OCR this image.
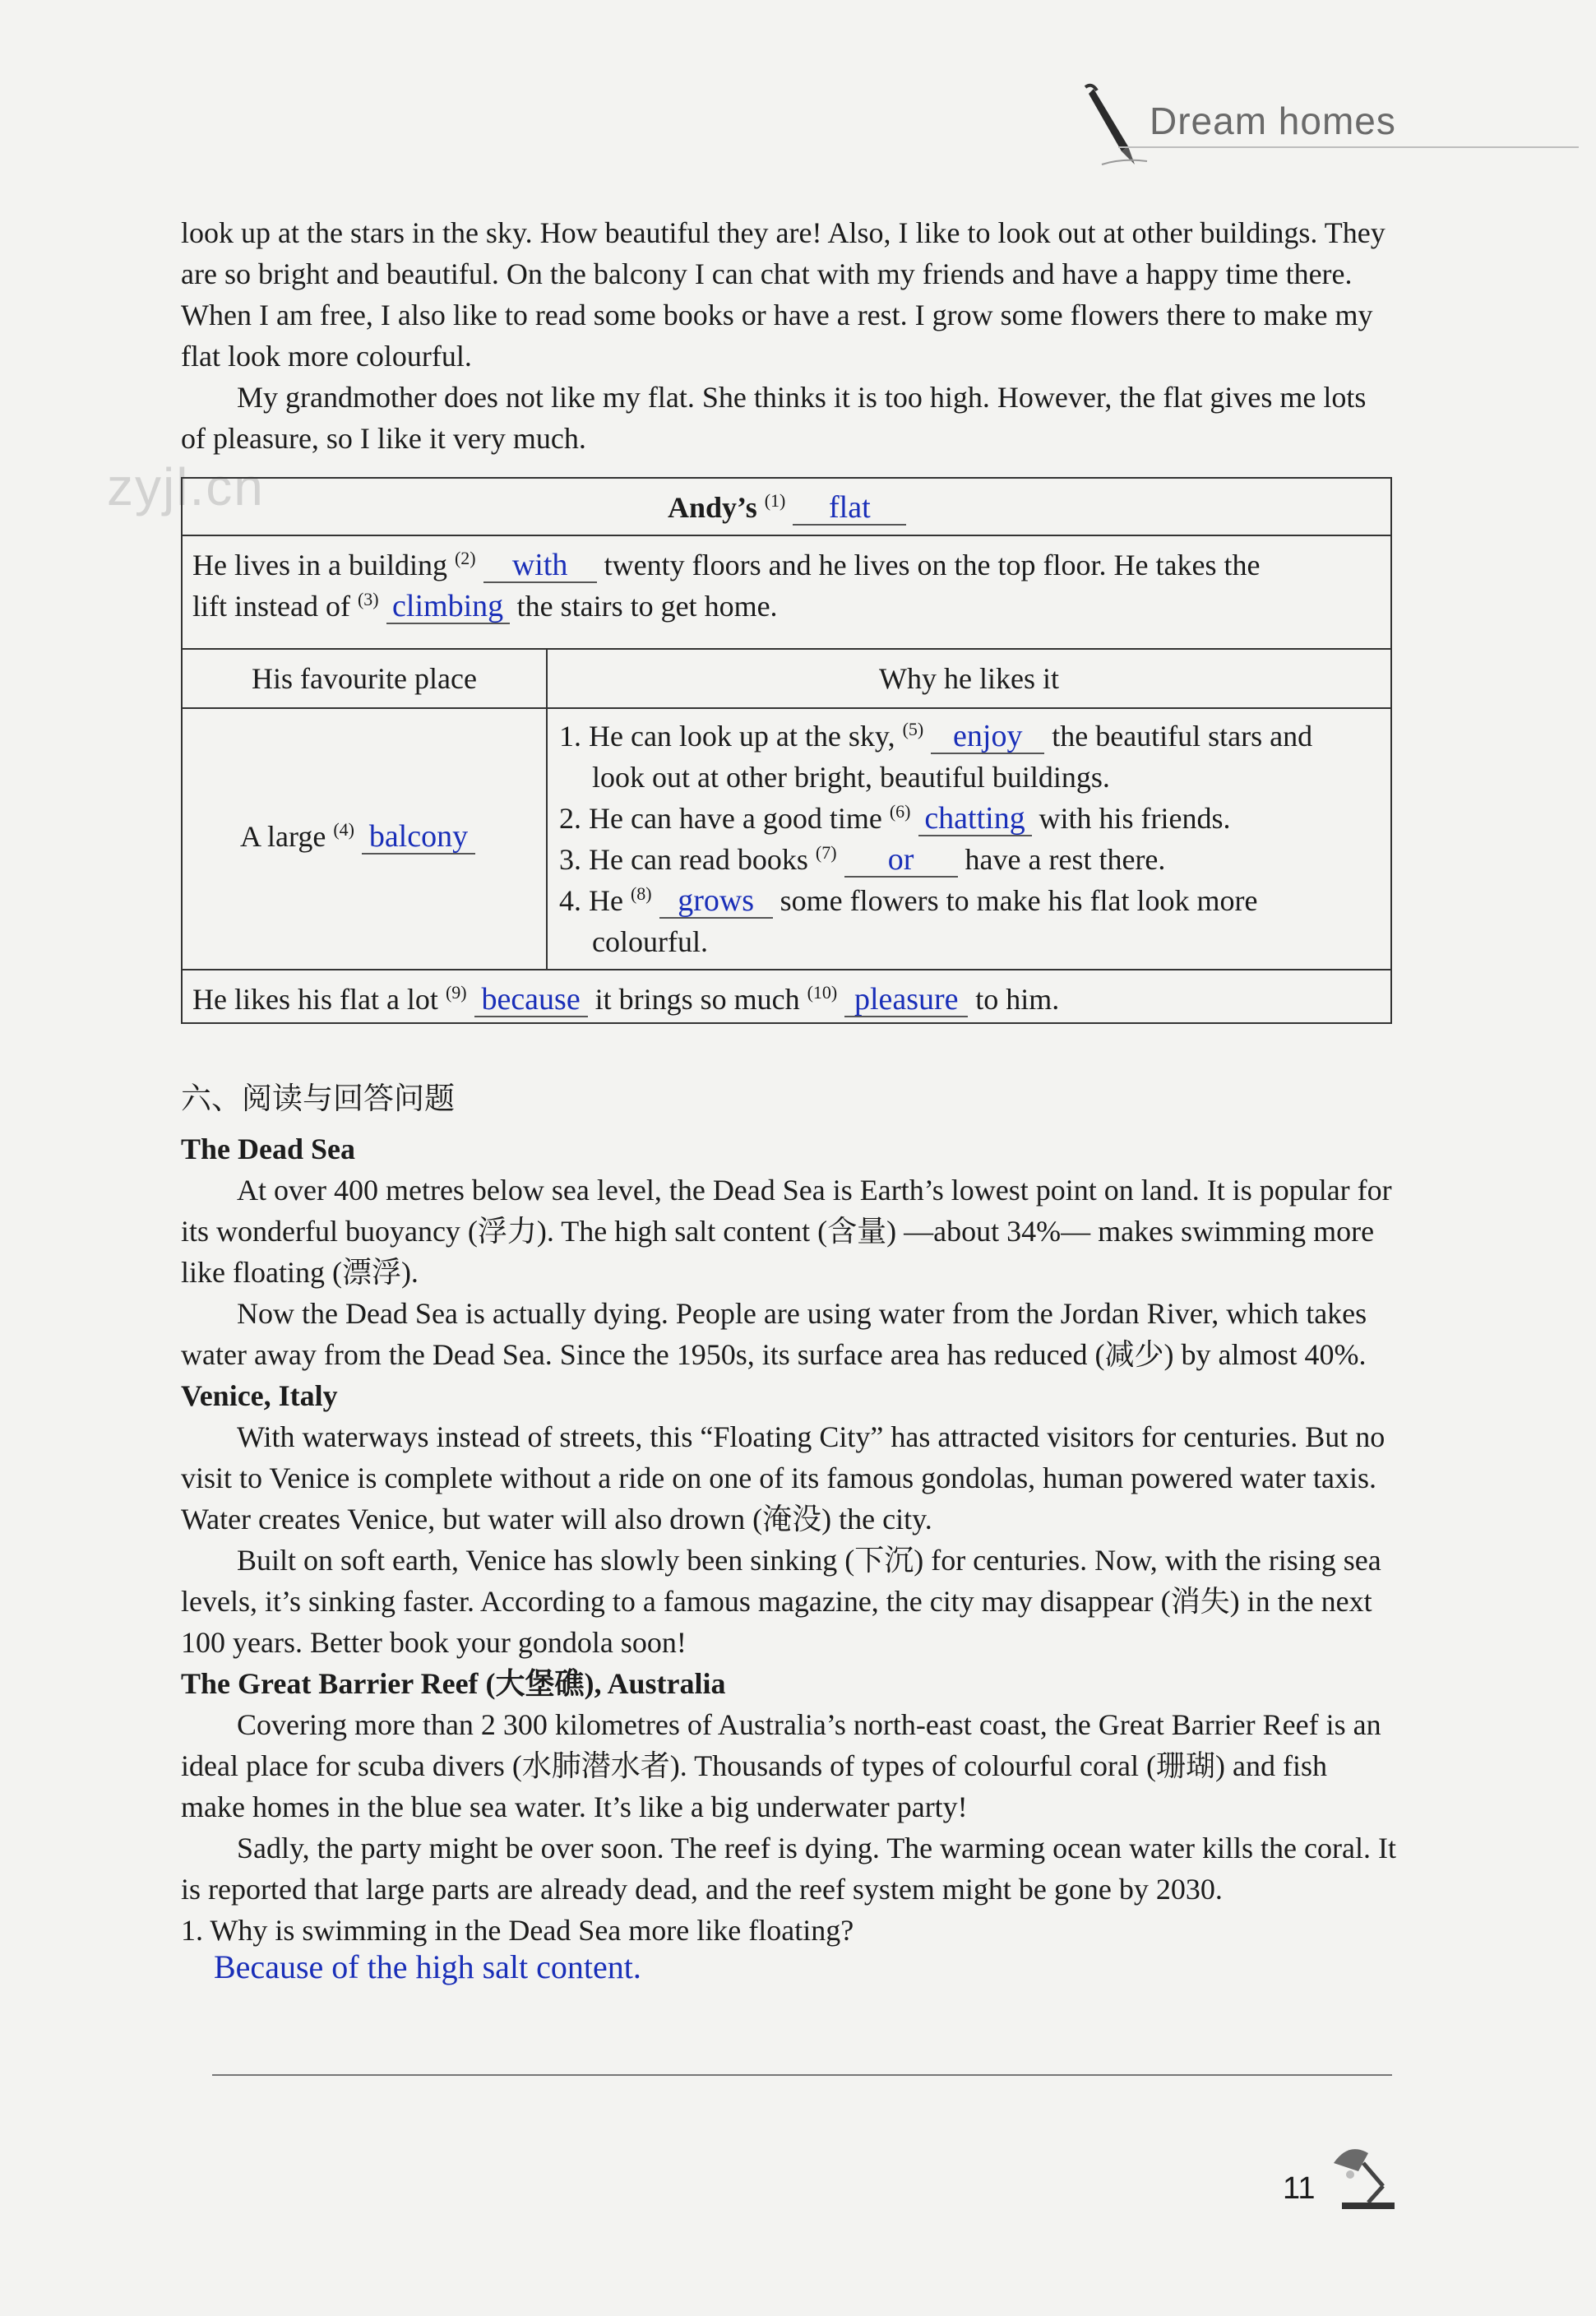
Dream homes
zyjl.cn

look up at the stars in the sky. How beautiful they are! Also, I like to look out at other buildings. They are so bright and beautiful. On the balcony I can chat with my friends and have a happy time there. When I am free, I also like to read some books or have a rest. I grow some flowers there to make my flat look more colourful.

My grandmother does not like my flat. She thinks it is too high. However, the flat gives me lots of pleasure, so I like it very much.

Andy’s $^{(1)}$ flat
He lives in a building $^{(2)}$ with twenty floors and he lives on the top floor. He takes the
lift instead of $^{(3)}$ climbing the stairs to get home.
His favourite place	Why he likes it
A large $^{(4)}$ balcony
1. He can look up at the sky, $^{(5)}$ enjoy the beautiful stars and
look out at other bright, beautiful buildings.
2. He can have a good time $^{(6)}$ chatting with his friends.
3. He can read books $^{(7)}$ or have a rest there.
4. He $^{(8)}$ grows some flowers to make his flat look more
colourful.
He likes his flat a lot $^{(9)}$ because it brings so much $^{(10)}$ pleasure to him.
六、阅读与回答问题

The Dead Sea

At over 400 metres below sea level, the Dead Sea is Earth’s lowest point on land. It is popular for its wonderful buoyancy (浮力). The high salt content (含量) —about 34%— makes swimming more like floating (漂浮).

Now the Dead Sea is actually dying. People are using water from the Jordan River, which takes water away from the Dead Sea. Since the 1950s, its surface area has reduced (减少) by almost 40%.

Venice, Italy

With waterways instead of streets, this “Floating City” has attracted visitors for centuries. But no visit to Venice is complete without a ride on one of its famous gondolas, human powered water taxis. Water creates Venice, but water will also drown (淹没) the city.

Built on soft earth, Venice has slowly been sinking (下沉) for centuries. Now, with the rising sea levels, it’s sinking faster. According to a famous magazine, the city may disappear (消失) in the next 100 years. Better book your gondola soon!

The Great Barrier Reef (大堡礁), Australia

Covering more than 2 300 kilometres of Australia’s north-east coast, the Great Barrier Reef is an ideal place for scuba divers (水肺潜水者). Thousands of types of colourful coral (珊瑚) and fish make homes in the blue sea water. It’s like a big underwater party!

Sadly, the party might be over soon. The reef is dying. The warming ocean water kills the coral. It is reported that large parts are already dead, and the reef system might be gone by 2030.

1. Why is swimming in the Dead Sea more like floating?

Because of the high salt content.

11
